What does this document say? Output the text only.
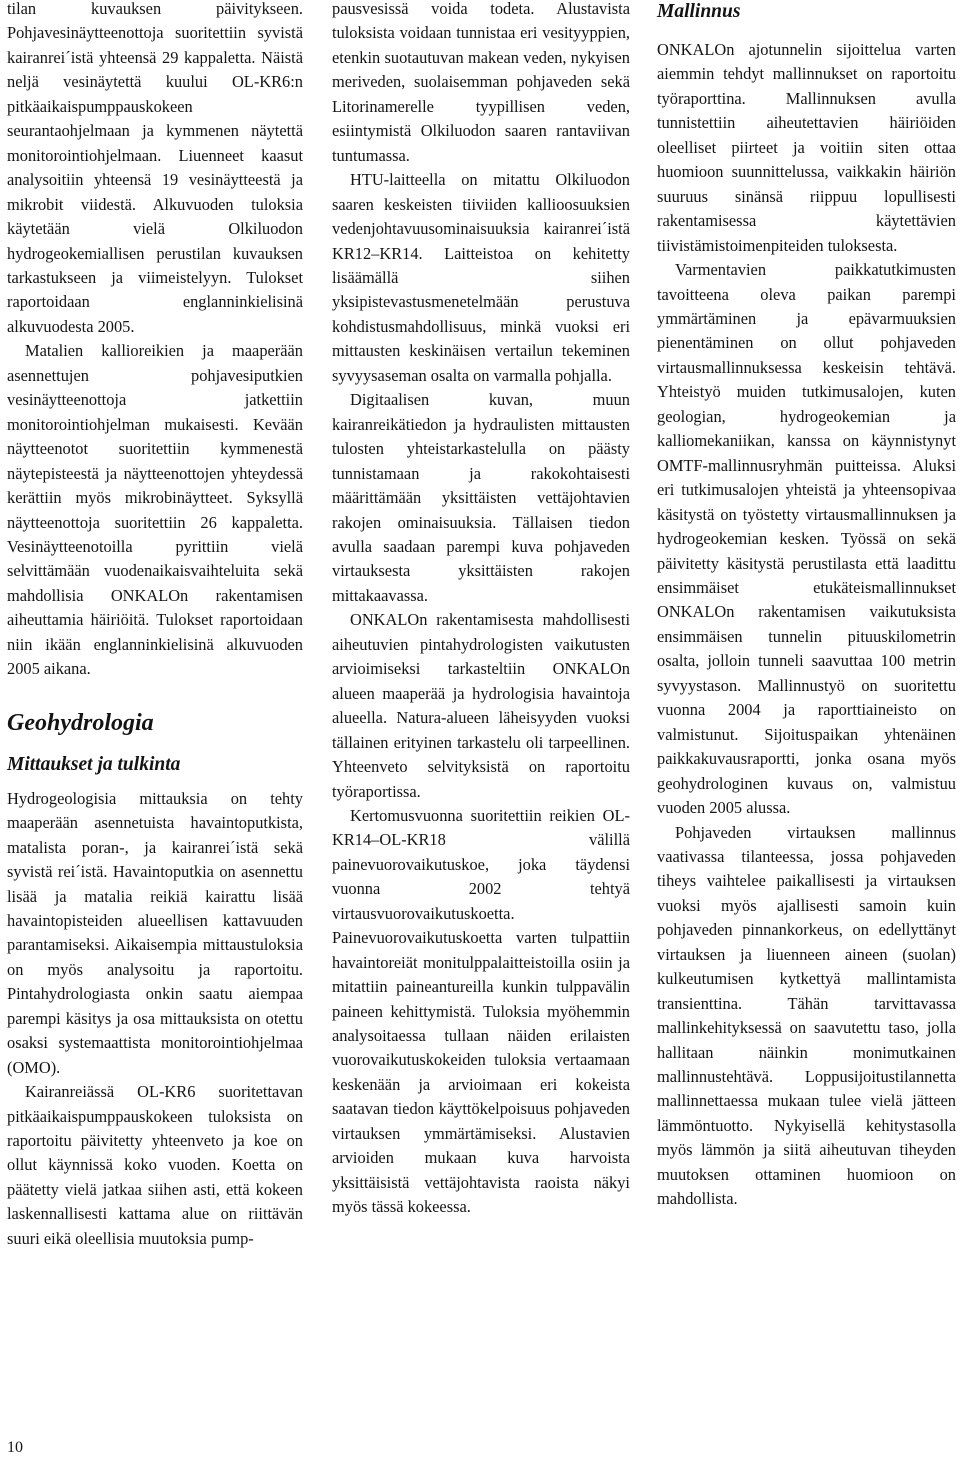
tilan kuvauksen päivitykseen. Pohjavesinäytteenottoja suoritettiin syvistä kairanrei´istä yhteensä 29 kappaletta. Näistä neljä vesinäytettä kuului OL-KR6:n pitkäaikaispumppauskokeen seurantaohjelmaan ja kymmenen näytettä monitorointiohjelmaan. Liuenneet kaasut analysoitiin yhteensä 19 vesinäytteestä ja mikrobit viidestä. Alkuvuoden tuloksia käytetään vielä Olkiluodon hydrogeokemiallisen perustilan kuvauksen tarkastukseen ja viimeistelyyn. Tulokset raportoidaan englanninkielisinä alkuvuodesta 2005.

Matalien kallioreikien ja maaperään asennettujen pohjavesiputkien vesinäytteenottoja jatkettiin monitorointiohjelman mukaisesti. Kevään näytteenotot suoritettiin kymmenestä näytepisteestä ja näytteenottojen yhteydessä kerättiin myös mikrobinäytteet. Syksyllä näytteenottoja suoritettiin 26 kappaletta. Vesinäytteenotoilla pyrittiin vielä selvittämään vuodenaikaisvaihteluita sekä mahdollisia ONKALOn rakentamisen aiheuttamia häiriöitä. Tulokset raportoidaan niin ikään englanninkielisinä alkuvuoden 2005 aikana.

Geohydrologia
Mittaukset ja tulkinta

Hydrogeologisia mittauksia on tehty maaperään asennetuista havaintoputkista, matalista poran-, ja kairanrei´istä sekä syvistä rei´istä. Havaintoputkia on asennettu lisää ja matalia reikiä kairattu lisää havaintopisteiden alueellisen kattavuuden parantamiseksi. Aikaisempia mittaustuloksia on myös analysoitu ja raportoitu. Pintahydrologiasta onkin saatu aiempaa parempi käsitys ja osa mittauksista on otettu osaksi systemaattista monitorointiohjelmaa (OMO).

Kairanreiässä OL-KR6 suoritettavan pitkäaikaispumppauskokeen tuloksista on raportoitu päivitetty yhteenveto ja koe on ollut käynnissä koko vuoden. Koetta on päätetty vielä jatkaa siihen asti, että kokeen laskennallisesti kattama alue on riittävän suuri eikä oleellisia muutoksia pump-

pausvesissä voida todeta. Alustavista tuloksista voidaan tunnistaa eri vesityyppien, etenkin suotautuvan makean veden, nykyisen meriveden, suolaisemman pohjaveden sekä Litorinamerelle tyypillisen veden, esiintymistä Olkiluodon saaren rantaviivan tuntumassa.

HTU-laitteella on mitattu Olkiluodon saaren keskeisten tiiviiden kallioosuuksien vedenjohtavuusominaisuuksia kairanrei´istä KR12–KR14. Laitteistoa on kehitetty lisäämällä siihen yksipistevastusmenetelmään perustuva kohdistusmahdollisuus, minkä vuoksi eri mittausten keskinäisen vertailun tekeminen syvyysaseman osalta on varmalla pohjalla.

Digitaalisen kuvan, muun kairanreikätiedon ja hydraulisten mittausten tulosten yhteistarkastelulla on päästy tunnistamaan ja rakokohtaisesti määrittämään yksittäisten vettäjohtavien rakojen ominaisuuksia. Tällaisen tiedon avulla saadaan parempi kuva pohjaveden virtauksesta yksittäisten rakojen mittakaavassa.

ONKALOn rakentamisesta mahdollisesti aiheutuvien pintahydrologisten vaikutusten arvioimiseksi tarkasteltiin ONKALOn alueen maaperää ja hydrologisia havaintoja alueella. Natura-alueen läheisyyden vuoksi tällainen erityinen tarkastelu oli tarpeellinen. Yhteenveto selvityksistä on raportoitu työraportissa.

Kertomusvuonna suoritettiin reikien OL-KR14–OL-KR18 välillä painevuorovaikutuskoe, joka täydensi vuonna 2002 tehtyä virtausvuorovaikutuskoetta. Painevuorovaikutuskoetta varten tulpattiin havaintoreiät monitulppalaitteistoilla osiin ja mitattiin paineantureilla kunkin tulppavälin paineen kehittymistä. Tuloksia myöhemmin analysoitaessa tullaan näiden erilaisten vuorovaikutuskokeiden tuloksia vertaamaan keskenään ja arvioimaan eri kokeista saatavan tiedon käyttökelpoisuus pohjaveden virtauksen ymmärtämiseksi. Alustavien arvioiden mukaan kuva harvoista yksittäisistä vettäjohtavista raoista näkyi myös tässä kokeessa.

Mallinnus

ONKALOn ajotunnelin sijoittelua varten aiemmin tehdyt mallinnukset on raportoitu työraporttina. Mallinnuksen avulla tunnistettiin aiheutettavien häiriöiden oleelliset piirteet ja voitiin siten ottaa huomioon suunnittelussa, vaikkakin häiriön suuruus sinänsä riippuu lopullisesti rakentamisessa käytettävien tiivistämistoimenpiteiden tuloksesta.

Varmentavien paikkatutkimusten tavoitteena oleva paikan parempi ymmärtäminen ja epävarmuuksien pienentäminen on ollut pohjaveden virtausmallinnuksessa keskeisin tehtävä. Yhteistyö muiden tutkimusalojen, kuten geologian, hydrogeokemian ja kalliomekaniikan, kanssa on käynnistynyt OMTF-mallinnusryhmän puitteissa. Aluksi eri tutkimusalojen yhteistä ja yhteensopivaa käsitystä on työstetty virtausmallinnuksen ja hydrogeokemian kesken. Työssä on sekä päivitetty käsitystä perustilasta että laadittu ensimmäiset etukäteismallinnukset ONKALOn rakentamisen vaikutuksista ensimmäisen tunnelin pituuskilometrin osalta, jolloin tunneli saavuttaa 100 metrin syvyystason. Mallinnustyö on suoritettu vuonna 2004 ja raporttiaineisto on valmistunut. Sijoituspaikan yhtenäinen paikkakuvausraportti, jonka osana myös geohydrologinen kuvaus on, valmistuu vuoden 2005 alussa.

Pohjaveden virtauksen mallinnus vaativassa tilanteessa, jossa pohjaveden tiheys vaihtelee paikallisesti ja virtauksen vuoksi myös ajallisesti samoin kuin pohjaveden pinnankorkeus, on edellyttänyt virtauksen ja liuenneen aineen (suolan) kulkeutumisen kytkettyä mallintamista transienttina. Tähän tarvittavassa mallinkehityksessä on saavutettu taso, jolla hallitaan näinkin monimutkainen mallinnustehtävä. Loppusijoitustilannetta mallinnettaessa mukaan tulee vielä jätteen lämmöntuotto. Nykyisellä kehitystasolla myös lämmön ja siitä aiheutuvan tiheyden muutoksen ottaminen huomioon on mahdollista.

10
